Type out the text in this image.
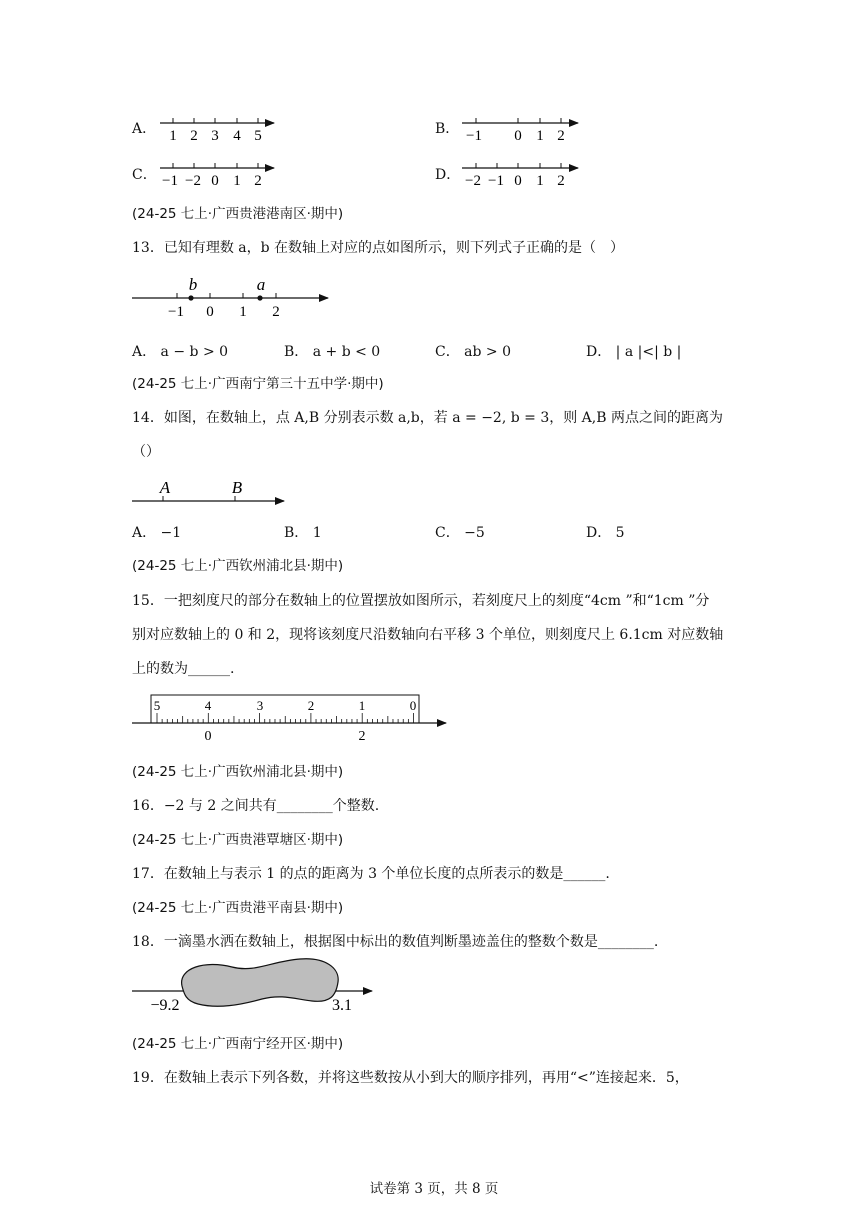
A．	B．
C．	D．
1 2 3 4 5	−1 0 1 2
−1 −2 0 1 2	−2 −1 0 1 2
b	a
−1 0 1 2
A	B
5	4	3	2	1	0
0	2
−9.2	3.1
(24-25 七上·广西贵港港南区·期中)
13．已知有理数 a，b 在数轴上对应的点如图所示，则下列式子正确的是（　）
A． a − b > 0	B． a + b < 0	C． ab > 0	D． | a |<| b |
(24-25 七上·广西南宁第三十五中学·期中)
14．如图，在数轴上，点 A,B 分别表示数 a,b，若 a = −2, b = 3，则 A,B 两点之间的距离为
（）
A． −1	B． 1	C． −5	D． 5
(24-25 七上·广西钦州浦北县·期中)
15．一把刻度尺的部分在数轴上的位置摆放如图所示，若刻度尺上的刻度“4cm ”和“1cm ”分
别对应数轴上的 0 和 2，现将该刻度尺沿数轴向右平移 3 个单位，则刻度尺上 6.1cm 对应数轴
上的数为______.
(24-25 七上·广西钦州浦北县·期中)
16．−2 与 2 之间共有________个整数.
(24-25 七上·广西贵港覃塘区·期中)
17．在数轴上与表示 1 的点的距离为 3 个单位长度的点所表示的数是______.
(24-25 七上·广西贵港平南县·期中)
18．一滴墨水洒在数轴上，根据图中标出的数值判断墨迹盖住的整数个数是________.
(24-25 七上·广西南宁经开区·期中)
19．在数轴上表示下列各数，并将这些数按从小到大的顺序排列，再用“<”连接起来．5，
试卷第 3 页，共 8 页
